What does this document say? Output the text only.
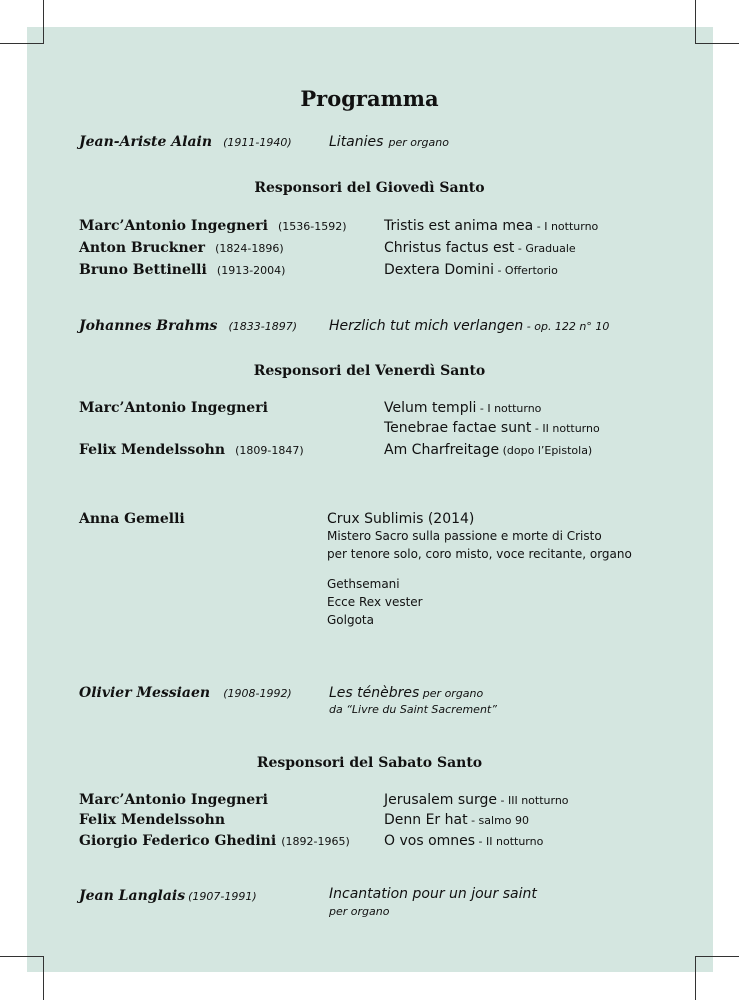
Programma
Jean-Ariste Alain (1911-1940)	Litanies per organo
Responsori del Giovedì Santo
Marc’Antonio Ingegneri (1536-1592)	Tristis est anima mea - I notturno
Anton Bruckner (1824-1896)	Christus factus est - Graduale
Bruno Bettinelli (1913-2004)	Dextera Domini - Offertorio
Johannes Brahms (1833-1897) Herzlich tut mich verlangen - op. 122 n° 10
Responsori del Venerdì Santo
Marc’Antonio Ingegneri	Velum templi - I notturno
Tenebrae factae sunt - II notturno
Felix Mendelssohn (1809-1847)	Am Charfreitage (dopo l’Epistola)
Anna Gemelli	Crux Sublimis (2014)
Mistero Sacro sulla passione e morte di Cristo
per tenore solo, coro misto, voce recitante, organo
Gethsemani
Ecce Rex vester
Golgota
Olivier Messiaen (1908-1992)	Les ténèbres per organo
da “Livre du Saint Sacrement”
Responsori del Sabato Santo
Marc’Antonio Ingegneri	Jerusalem surge - III notturno
Felix Mendelssohn	Denn Er hat - salmo 90
Giorgio Federico Ghedini (1892-1965) O vos omnes - II notturno
Jean Langlais (1907-1991)	Incantation pour un jour saint
per organo
